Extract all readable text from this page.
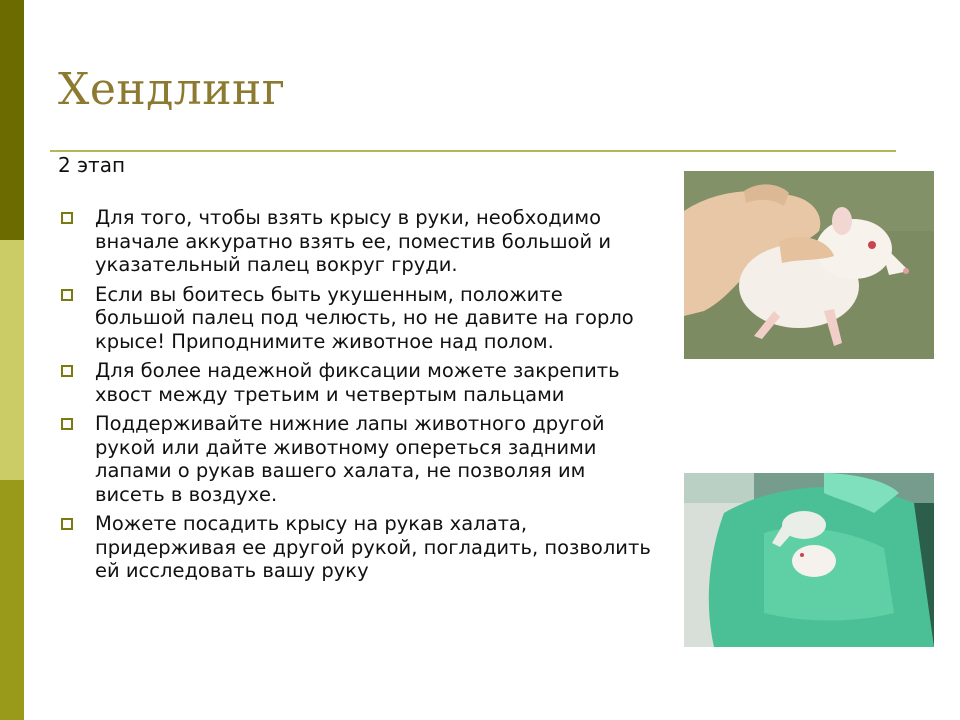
Хендлинг
2 этап
Для того, чтобы взять крысу в руки, необходимо вначале аккуратно взять ее, поместив большой и указательный палец вокруг груди.
Если вы боитесь быть укушенным, положите большой палец под челюсть, но не давите на горло крысе! Приподнимите животное над полом.
Для более надежной фиксации можете закрепить хвост между третьим и четвертым пальцами
Поддерживайте нижние лапы животного другой рукой или дайте животному опереться задними лапами о рукав вашего халата, не позволяя им висеть в воздухе.
Можете посадить крысу на рукав халата, придерживая ее другой рукой, погладить, позволить ей исследовать вашу руку
